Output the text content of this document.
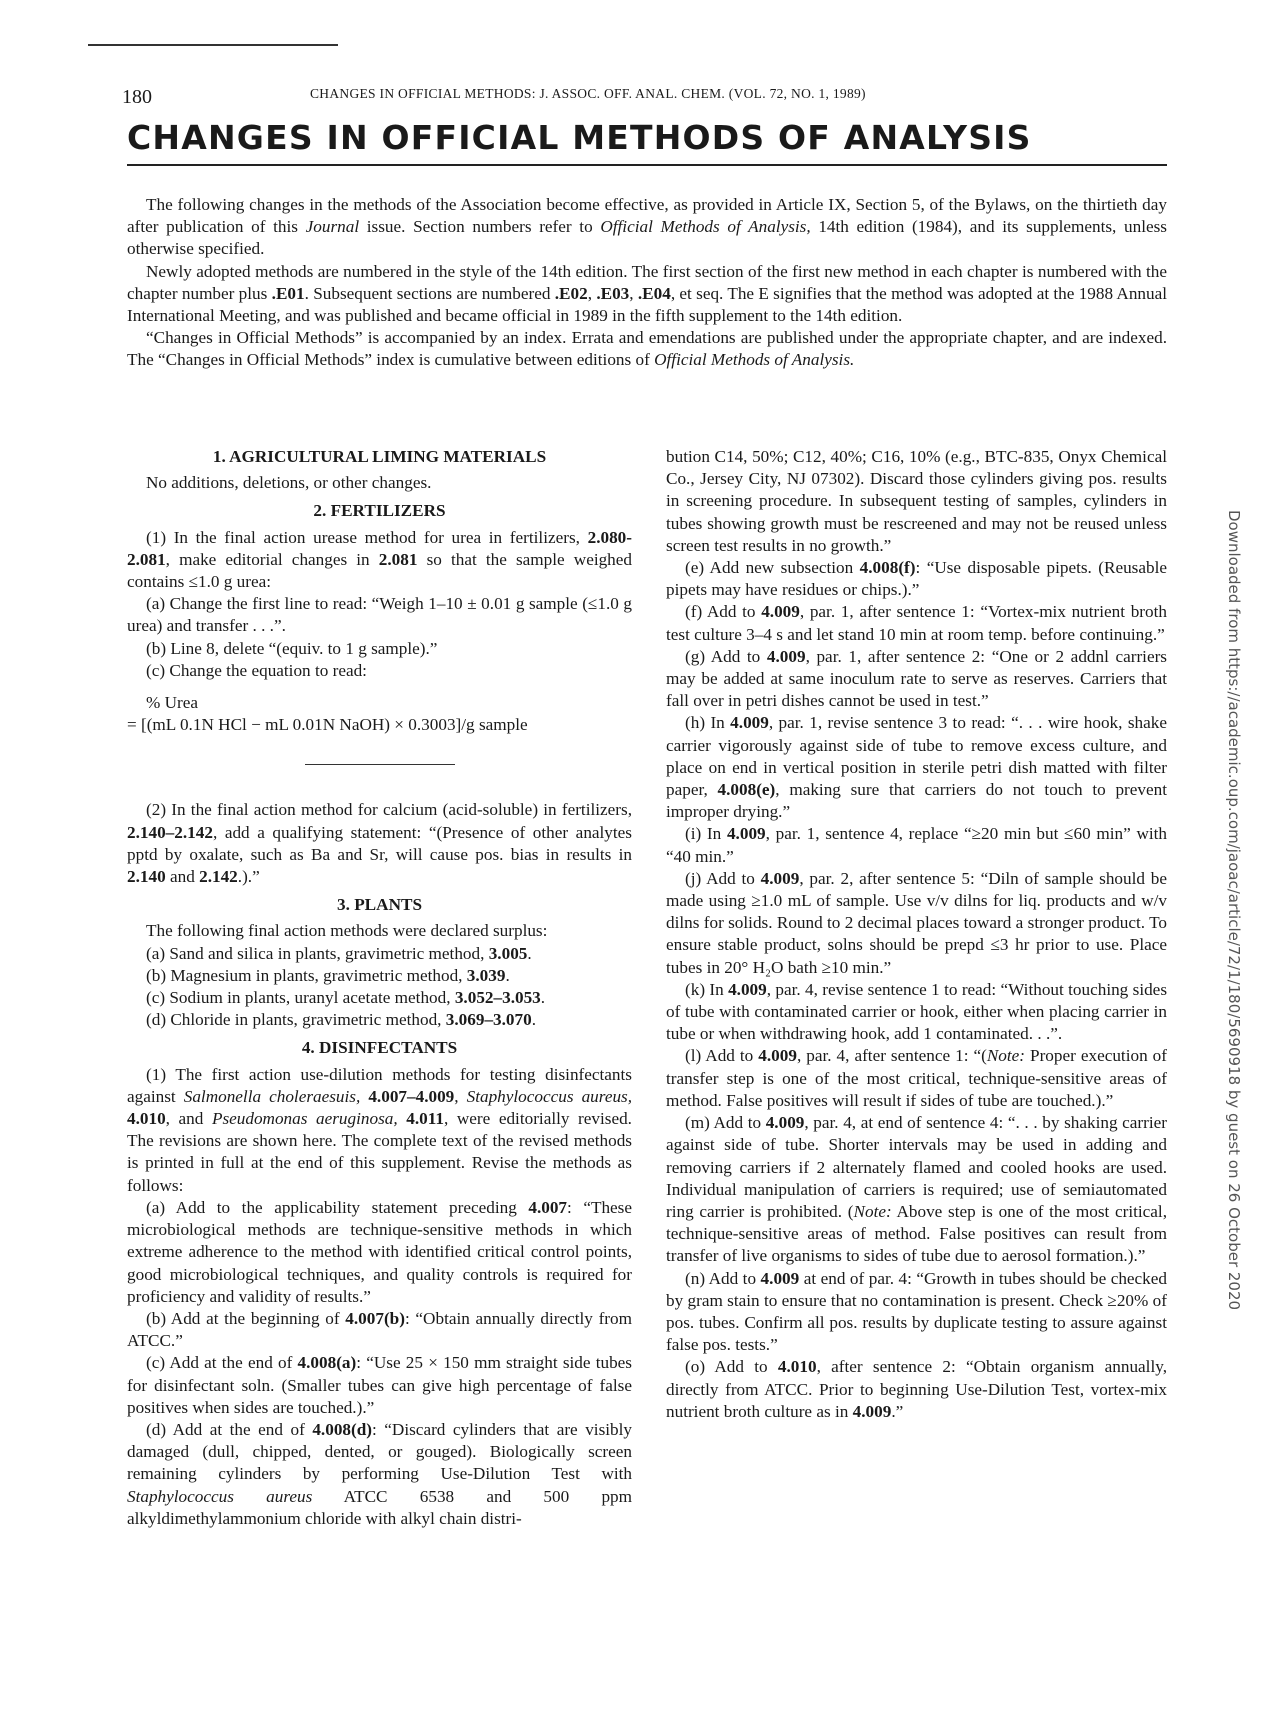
180	CHANGES IN OFFICIAL METHODS: J. ASSOC. OFF. ANAL. CHEM. (VOL. 72, NO. 1, 1989)
CHANGES IN OFFICIAL METHODS OF ANALYSIS

The following changes in the methods of the Association become effective, as provided in Article IX, Section 5, of the Bylaws, on the thirtieth day after publication of this Journal issue. Section numbers refer to Official Methods of Analysis, 14th edition (1984), and its supplements, unless otherwise specified.

Newly adopted methods are numbered in the style of the 14th edition. The first section of the first new method in each chapter is numbered with the chapter number plus .E01. Subsequent sections are numbered .E02, .E03, .E04, et seq. The E signifies that the method was adopted at the 1988 Annual International Meeting, and was published and became official in 1989 in the fifth supplement to the 14th edition.

“Changes in Official Methods” is accompanied by an index. Errata and emendations are published under the appropriate chapter, and are indexed. The “Changes in Official Methods” index is cumulative between editions of Official Methods of Analysis.

1. AGRICULTURAL LIMING MATERIALS

No additions, deletions, or other changes.

2. FERTILIZERS

(1) In the final action urease method for urea in fertilizers, 2.080-2.081, make editorial changes in 2.081 so that the sample weighed contains ≤1.0 g urea:

(a) Change the first line to read: “Weigh 1–10 ± 0.01 g sample (≤1.0 g urea) and transfer . . .”.

(b) Line 8, delete “(equiv. to 1 g sample).”

(c) Change the equation to read:

% Urea

= [(mL 0.1N HCl − mL 0.01N NaOH) × 0.3003]/g sample

(2) In the final action method for calcium (acid-soluble) in fertilizers, 2.140–2.142, add a qualifying statement: “(Presence of other analytes pptd by oxalate, such as Ba and Sr, will cause pos. bias in results in 2.140 and 2.142.).”

3. PLANTS

The following final action methods were declared surplus:

(a) Sand and silica in plants, gravimetric method, 3.005.

(b) Magnesium in plants, gravimetric method, 3.039.

(c) Sodium in plants, uranyl acetate method, 3.052–3.053.

(d) Chloride in plants, gravimetric method, 3.069–3.070.

4. DISINFECTANTS

(1) The first action use-dilution methods for testing disinfectants against Salmonella choleraesuis, 4.007–4.009, Staphylococcus aureus, 4.010, and Pseudomonas aeruginosa, 4.011, were editorially revised. The revisions are shown here. The complete text of the revised methods is printed in full at the end of this supplement. Revise the methods as follows:

(a) Add to the applicability statement preceding 4.007: “These microbiological methods are technique-sensitive methods in which extreme adherence to the method with identified critical control points, good microbiological techniques, and quality controls is required for proficiency and validity of results.”

(b) Add at the beginning of 4.007(b): “Obtain annually directly from ATCC.”

(c) Add at the end of 4.008(a): “Use 25 × 150 mm straight side tubes for disinfectant soln. (Smaller tubes can give high percentage of false positives when sides are touched.).”

(d) Add at the end of 4.008(d): “Discard cylinders that are visibly damaged (dull, chipped, dented, or gouged). Biologically screen remaining cylinders by performing Use-Dilution Test with Staphylococcus aureus ATCC 6538 and 500 ppm alkyldimethylammonium chloride with alkyl chain distri-

bution C14, 50%; C12, 40%; C16, 10% (e.g., BTC-835, Onyx Chemical Co., Jersey City, NJ 07302). Discard those cylinders giving pos. results in screening procedure. In subsequent testing of samples, cylinders in tubes showing growth must be rescreened and may not be reused unless screen test results in no growth.”

(e) Add new subsection 4.008(f): “Use disposable pipets. (Reusable pipets may have residues or chips.).”

(f) Add to 4.009, par. 1, after sentence 1: “Vortex-mix nutrient broth test culture 3–4 s and let stand 10 min at room temp. before continuing.”

(g) Add to 4.009, par. 1, after sentence 2: “One or 2 addnl carriers may be added at same inoculum rate to serve as reserves. Carriers that fall over in petri dishes cannot be used in test.”

(h) In 4.009, par. 1, revise sentence 3 to read: “. . . wire hook, shake carrier vigorously against side of tube to remove excess culture, and place on end in vertical position in sterile petri dish matted with filter paper, 4.008(e), making sure that carriers do not touch to prevent improper drying.”

(i) In 4.009, par. 1, sentence 4, replace “≥20 min but ≤60 min” with “40 min.”

(j) Add to 4.009, par. 2, after sentence 5: “Diln of sample should be made using ≥1.0 mL of sample. Use v/v dilns for liq. products and w/v dilns for solids. Round to 2 decimal places toward a stronger product. To ensure stable product, solns should be prepd ≤3 hr prior to use. Place tubes in 20° H₂O bath ≥10 min.”

(k) In 4.009, par. 4, revise sentence 1 to read: “Without touching sides of tube with contaminated carrier or hook, either when placing carrier in tube or when withdrawing hook, add 1 contaminated. . .”.

(l) Add to 4.009, par. 4, after sentence 1: “(Note: Proper execution of transfer step is one of the most critical, technique-sensitive areas of method. False positives will result if sides of tube are touched.).”

(m) Add to 4.009, par. 4, at end of sentence 4: “. . . by shaking carrier against side of tube. Shorter intervals may be used in adding and removing carriers if 2 alternately flamed and cooled hooks are used. Individual manipulation of carriers is required; use of semiautomated ring carrier is prohibited. (Note: Above step is one of the most critical, technique-sensitive areas of method. False positives can result from transfer of live organisms to sides of tube due to aerosol formation.).”

(n) Add to 4.009 at end of par. 4: “Growth in tubes should be checked by gram stain to ensure that no contamination is present. Check ≥20% of pos. tubes. Confirm all pos. results by duplicate testing to assure against false pos. tests.”

(o) Add to 4.010, after sentence 2: “Obtain organism annually, directly from ATCC. Prior to beginning Use-Dilution Test, vortex-mix nutrient broth culture as in 4.009.”

Downloaded from https://academic.oup.com/jaoac/article/72/1/180/5690918 by guest on 26 October 2020
